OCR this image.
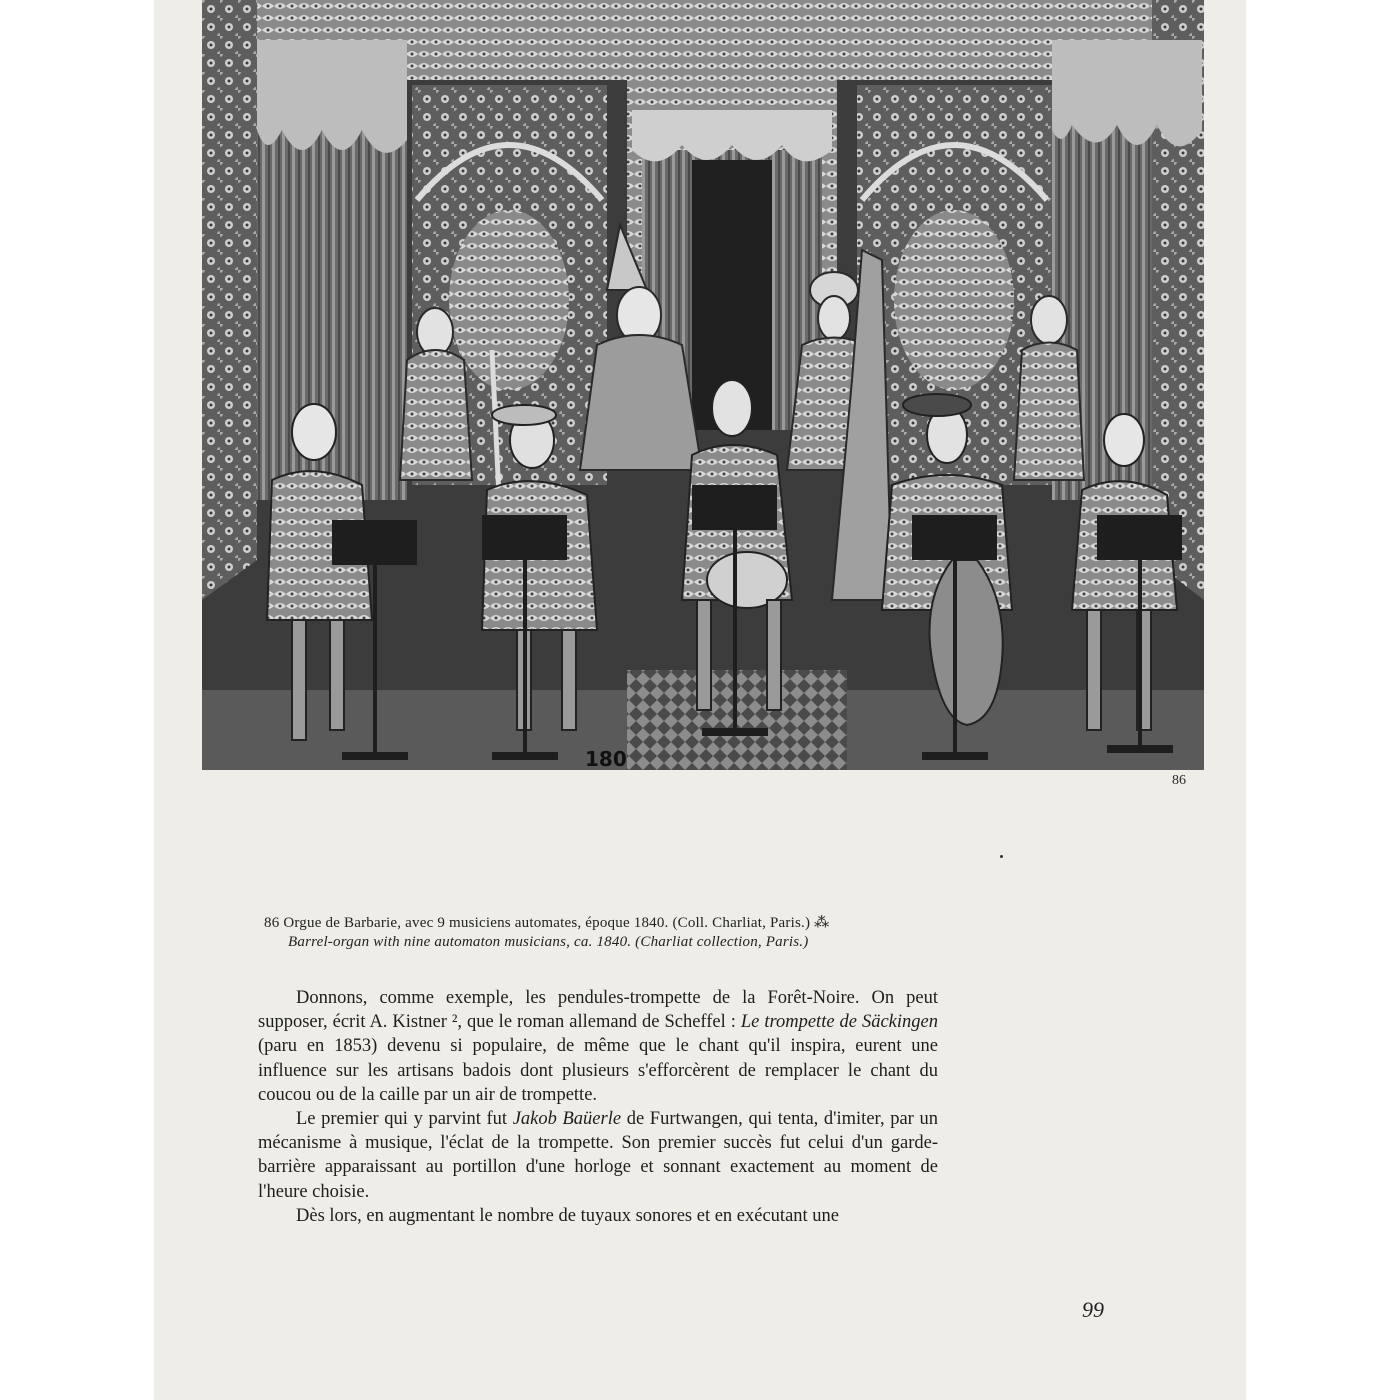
180
86
86 Orgue de Barbarie, avec 9 musiciens automates, époque 1840. (Coll. Charliat, Paris.) ⁂
Barrel-organ with nine automaton musicians, ca. 1840. (Charliat collection, Paris.)

Donnons, comme exemple, les pendules-trompette de la Forêt-Noire. On peut supposer, écrit A. Kistner ², que le roman allemand de Scheffel : Le trompette de Säckingen (paru en 1853) devenu si populaire, de même que le chant qu'il inspira, eurent une influence sur les artisans badois dont plusieurs s'efforcèrent de remplacer le chant du coucou ou de la caille par un air de trompette.

Le premier qui y parvint fut Jakob Baüerle de Furtwangen, qui tenta, d'imiter, par un mécanisme à musique, l'éclat de la trompette. Son premier succès fut celui d'un garde-barrière apparaissant au portillon d'une horloge et sonnant exactement au moment de l'heure choisie.

Dès lors, en augmentant le nombre de tuyaux sonores et en exécutant une

99
